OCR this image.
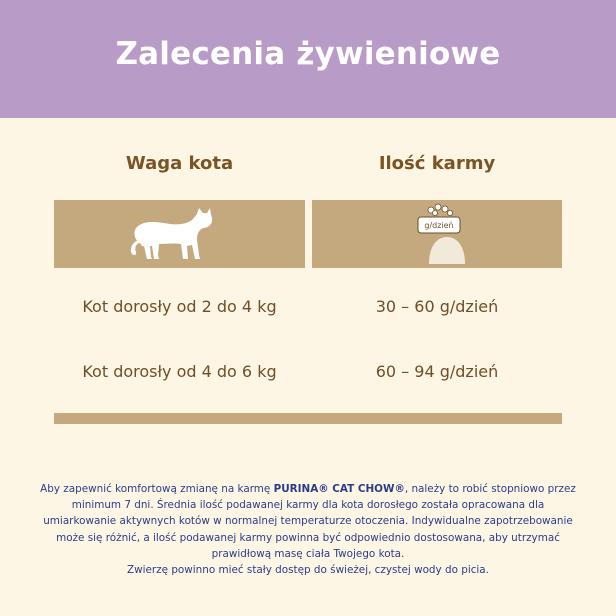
Zalecenia żywieniowe
Waga kota	Ilość karmy
g/dzień
Kot dorosły od 2 do 4 kg	30 – 60 g/dzień
Kot dorosły od 4 do 6 kg	60 – 94 g/dzień
Aby zapewnić komfortową zmianę na karmę PURINA® CAT CHOW®, należy to robić stopniowo przez minimum 7 dni. Średnia ilość podawanej karmy dla kota dorosłego została opracowana dla umiarkowanie aktywnych kotów w normalnej temperaturze otoczenia. Indywidualne zapotrzebowanie może się różnić, a ilość podawanej karmy powinna być odpowiednio dostosowana, aby utrzymać prawidłową masę ciała Twojego kota.
Zwierzę powinno mieć stały dostęp do świeżej, czystej wody do picia.
